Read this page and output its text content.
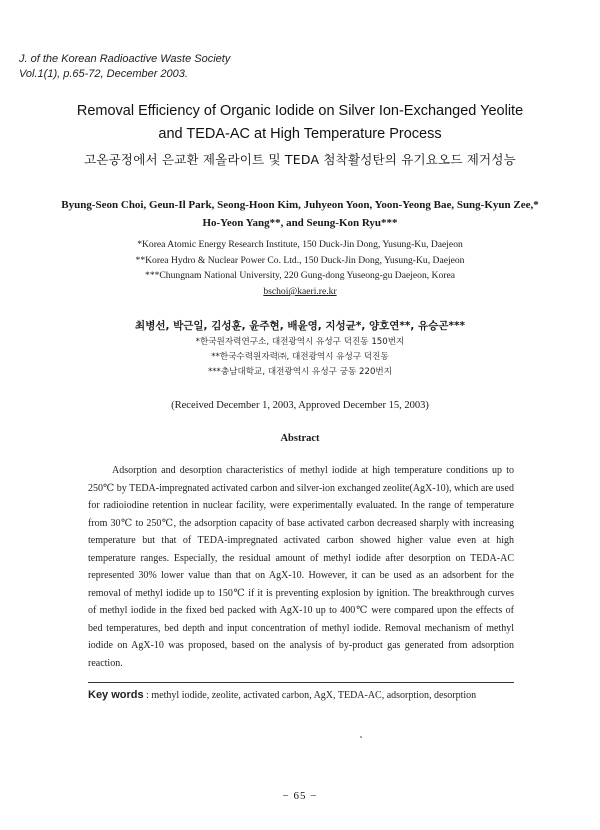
J. of the Korean Radioactive Waste Society
Vol.1(1), p.65-72, December 2003.
Removal Efficiency of Organic Iodide on Silver Ion-Exchanged Yeolite
and TEDA-AC at High Temperature Process
고온공정에서 은교환 제올라이트 및 TEDA 첨착활성탄의 유기요오드 제거성능
Byung-Seon Choi, Geun-Il Park, Seong-Hoon Kim, Juhyeon Yoon, Yoon-Yeong Bae, Sung-Kyun Zee,*
Ho-Yeon Yang**, and Seung-Kon Ryu***
*Korea Atomic Energy Research Institute, 150 Duck-Jin Dong, Yusung-Ku, Daejeon
**Korea Hydro & Nuclear Power Co. Ltd., 150 Duck-Jin Dong, Yusung-Ku, Daejeon
***Chungnam National University, 220 Gung-dong Yuseong-gu Daejeon, Korea
bschoi@kaeri.re.kr
최병선, 박근일, 김성훈, 윤주현, 배윤영, 지성균*, 양호연**, 유승곤***
*한국원자력연구소, 대전광역시 유성구 덕진동 150번지
**한국수력원자력㈜, 대전광역시 유성구 덕진동
***충남대학교, 대전광역시 유성구 궁동 220번지
(Received December 1, 2003, Approved December 15, 2003)
Abstract
Adsorption and desorption characteristics of methyl iodide at high temperature conditions up to 250℃ by TEDA-impregnated activated carbon and silver-ion exchanged zeolite(AgX-10), which are used for radioiodine retention in nuclear facility, were experimentally evaluated. In the range of temperature from 30℃ to 250℃, the adsorption capacity of base activated carbon decreased sharply with increasing temperature but that of TEDA-impregnated activated carbon showed higher value even at high temperature ranges. Especially, the residual amount of methyl iodide after desorption on TEDA-AC represented 30% lower value than that on AgX-10. However, it can be used as an adsorbent for the removal of methyl iodide up to 150℃ if it is preventing explosion by ignition. The breakthrough curves of methyl iodide in the fixed bed packed with AgX-10 up to 400℃ were compared upon the effects of bed temperatures, bed depth and input concentration of methyl iodide. Removal mechanism of methyl iodide on AgX-10 was proposed, based on the analysis of by-product gas generated from adsorption reaction.
Key words : methyl iodide, zeolite, activated carbon, AgX, TEDA-AC, adsorption, desorption
− 65 −
